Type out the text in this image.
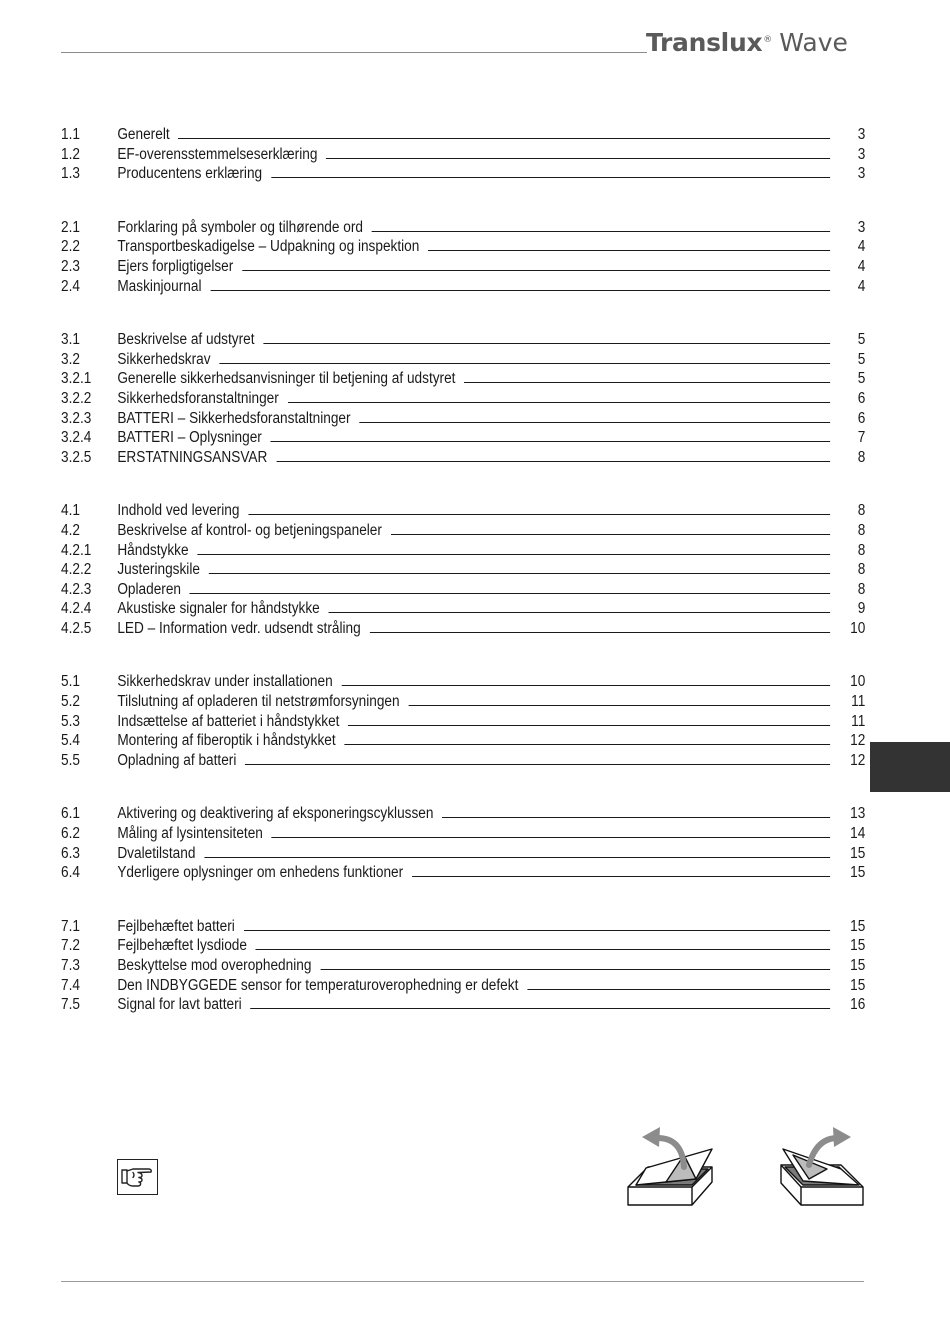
Translux® Wave
1.1	Generelt	3
1.2	EF-overensstemmelseserklæring	3
1.3	Producentens erklæring	3
2.1	Forklaring på symboler og tilhørende ord	3
2.2	Transportbeskadigelse – Udpakning og inspektion	4
2.3	Ejers forpligtigelser	4
2.4	Maskinjournal	4
3.1	Beskrivelse af udstyret	5
3.2	Sikkerhedskrav	5
3.2.1	Generelle sikkerhedsanvisninger til betjening af udstyret	5
3.2.2	Sikkerhedsforanstaltninger	6
3.2.3	BATTERI – Sikkerhedsforanstaltninger	6
3.2.4	BATTERI – Oplysninger	7
3.2.5	ERSTATNINGSANSVAR	8
4.1	Indhold ved levering	8
4.2	Beskrivelse af kontrol- og betjeningspaneler	8
4.2.1	Håndstykke	8
4.2.2	Justeringskile	8
4.2.3	Opladeren	8
4.2.4	Akustiske signaler for håndstykke	9
4.2.5	LED – Information vedr. udsendt stråling	10
5.1	Sikkerhedskrav under installationen	10
5.2	Tilslutning af opladeren til netstrømforsyningen	11
5.3	Indsættelse af batteriet i håndstykket	11
5.4	Montering af fiberoptik i håndstykket	12
5.5	Opladning af batteri	12
6.1	Aktivering og deaktivering af eksponeringscyklussen	13
6.2	Måling af lysintensiteten	14
6.3	Dvaletilstand	15
6.4	Yderligere oplysninger om enhedens funktioner	15
7.1	Fejlbehæftet batteri	15
7.2	Fejlbehæftet lysdiode	15
7.3	Beskyttelse mod overophedning	15
7.4	Den INDBYGGEDE sensor for temperaturoverophedning er defekt	15
7.5	Signal for lavt batteri	16
